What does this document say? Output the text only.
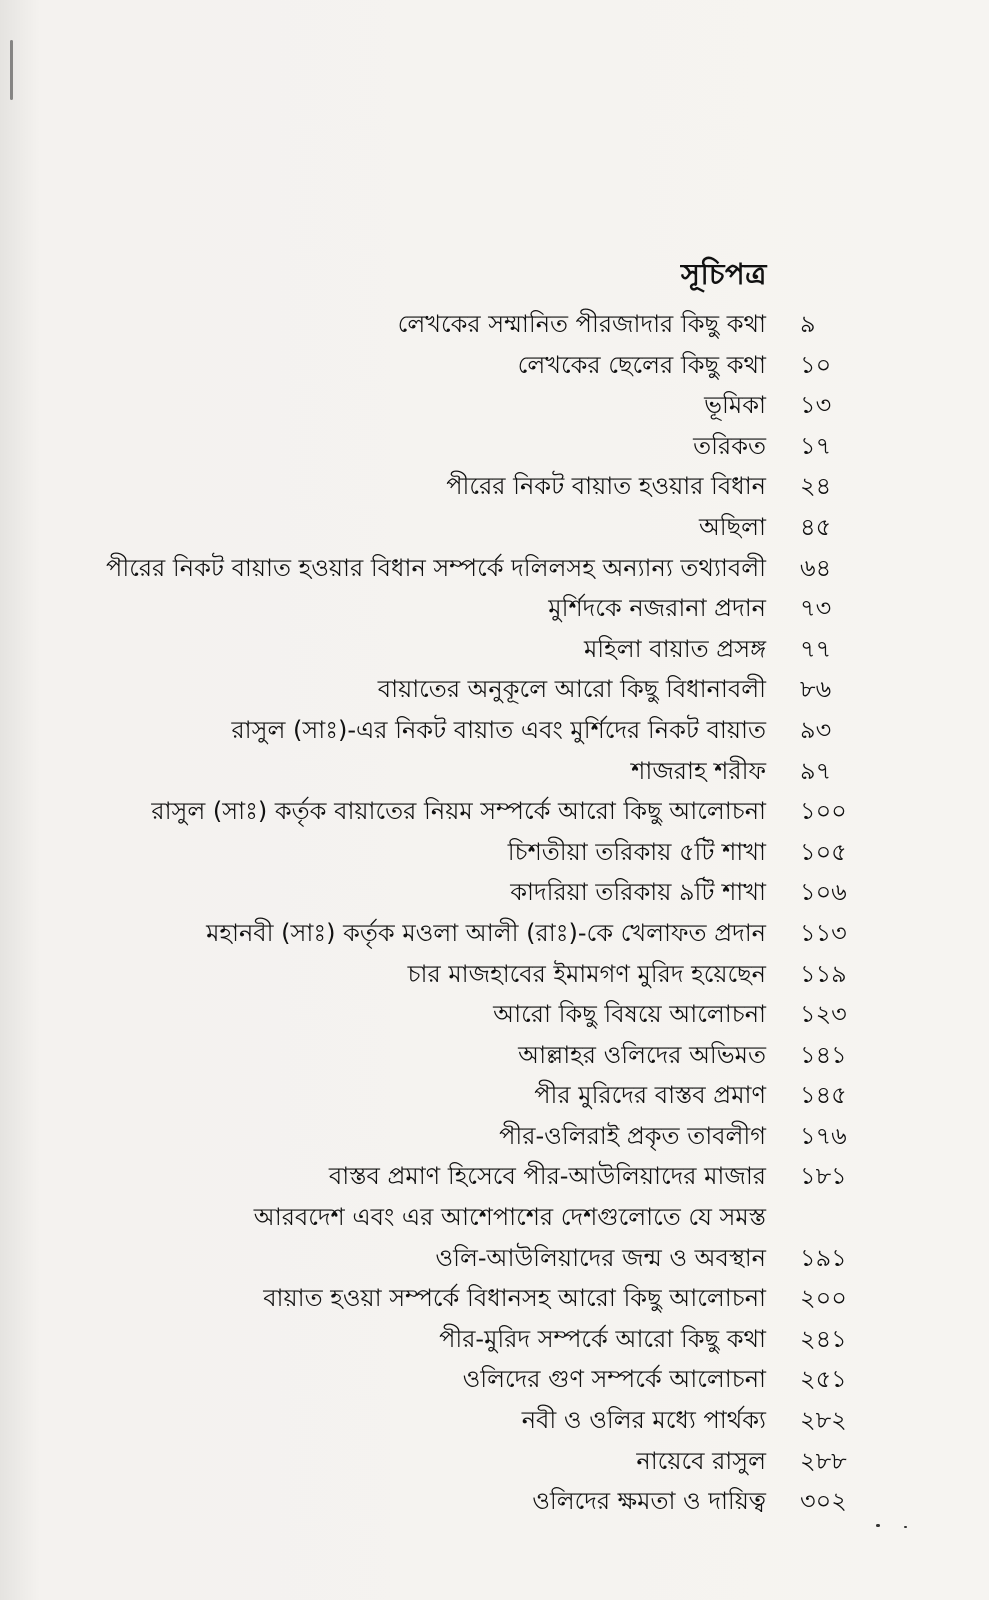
সূচিপত্র
লেখকের সম্মানিত পীরজাদার কিছু কথা ৯
লেখকের ছেলের কিছু কথা ১০
ভূমিকা ১৩
তরিকত ১৭
পীরের নিকট বায়াত হওয়ার বিধান ২৪
অছিলা ৪৫
পীরের নিকট বায়াত হওয়ার বিধান সম্পর্কে দলিলসহ অন্যান্য তথ্যাবলী ৬৪
মুর্শিদকে নজরানা প্রদান ৭৩
মহিলা বায়াত প্রসঙ্গ ৭৭
বায়াতের অনুকূলে আরো কিছু বিধানাবলী ৮৬
রাসুল (সাঃ)-এর নিকট বায়াত এবং মুর্শিদের নিকট বায়াত ৯৩
শাজরাহ শরীফ ৯৭
রাসুল (সাঃ) কর্তৃক বায়াতের নিয়ম সম্পর্কে আরো কিছু আলোচনা ১০০
চিশতীয়া তরিকায় ৫টি শাখা ১০৫
কাদরিয়া তরিকায় ৯টি শাখা ১০৬
মহানবী (সাঃ) কর্তৃক মওলা আলী (রাঃ)-কে খেলাফত প্রদান ১১৩
চার মাজহাবের ইমামগণ মুরিদ হয়েছেন ১১৯
আরো কিছু বিষয়ে আলোচনা ১২৩
আল্লাহর ওলিদের অভিমত ১৪১
পীর মুরিদের বাস্তব প্রমাণ ১৪৫
পীর-ওলিরাই প্রকৃত তাবলীগ ১৭৬
বাস্তব প্রমাণ হিসেবে পীর-আউলিয়াদের মাজার ১৮১
আরবদেশ এবং এর আশেপাশের দেশগুলোতে যে সমস্ত
ওলি-আউলিয়াদের জন্ম ও অবস্থান ১৯১
বায়াত হওয়া সম্পর্কে বিধানসহ আরো কিছু আলোচনা ২০০
পীর-মুরিদ সম্পর্কে আরো কিছু কথা ২৪১
ওলিদের গুণ সম্পর্কে আলোচনা ২৫১
নবী ও ওলির মধ্যে পার্থক্য ২৮২
নায়েবে রাসুল ২৮৮
ওলিদের ক্ষমতা ও দায়িত্ব ৩০২
